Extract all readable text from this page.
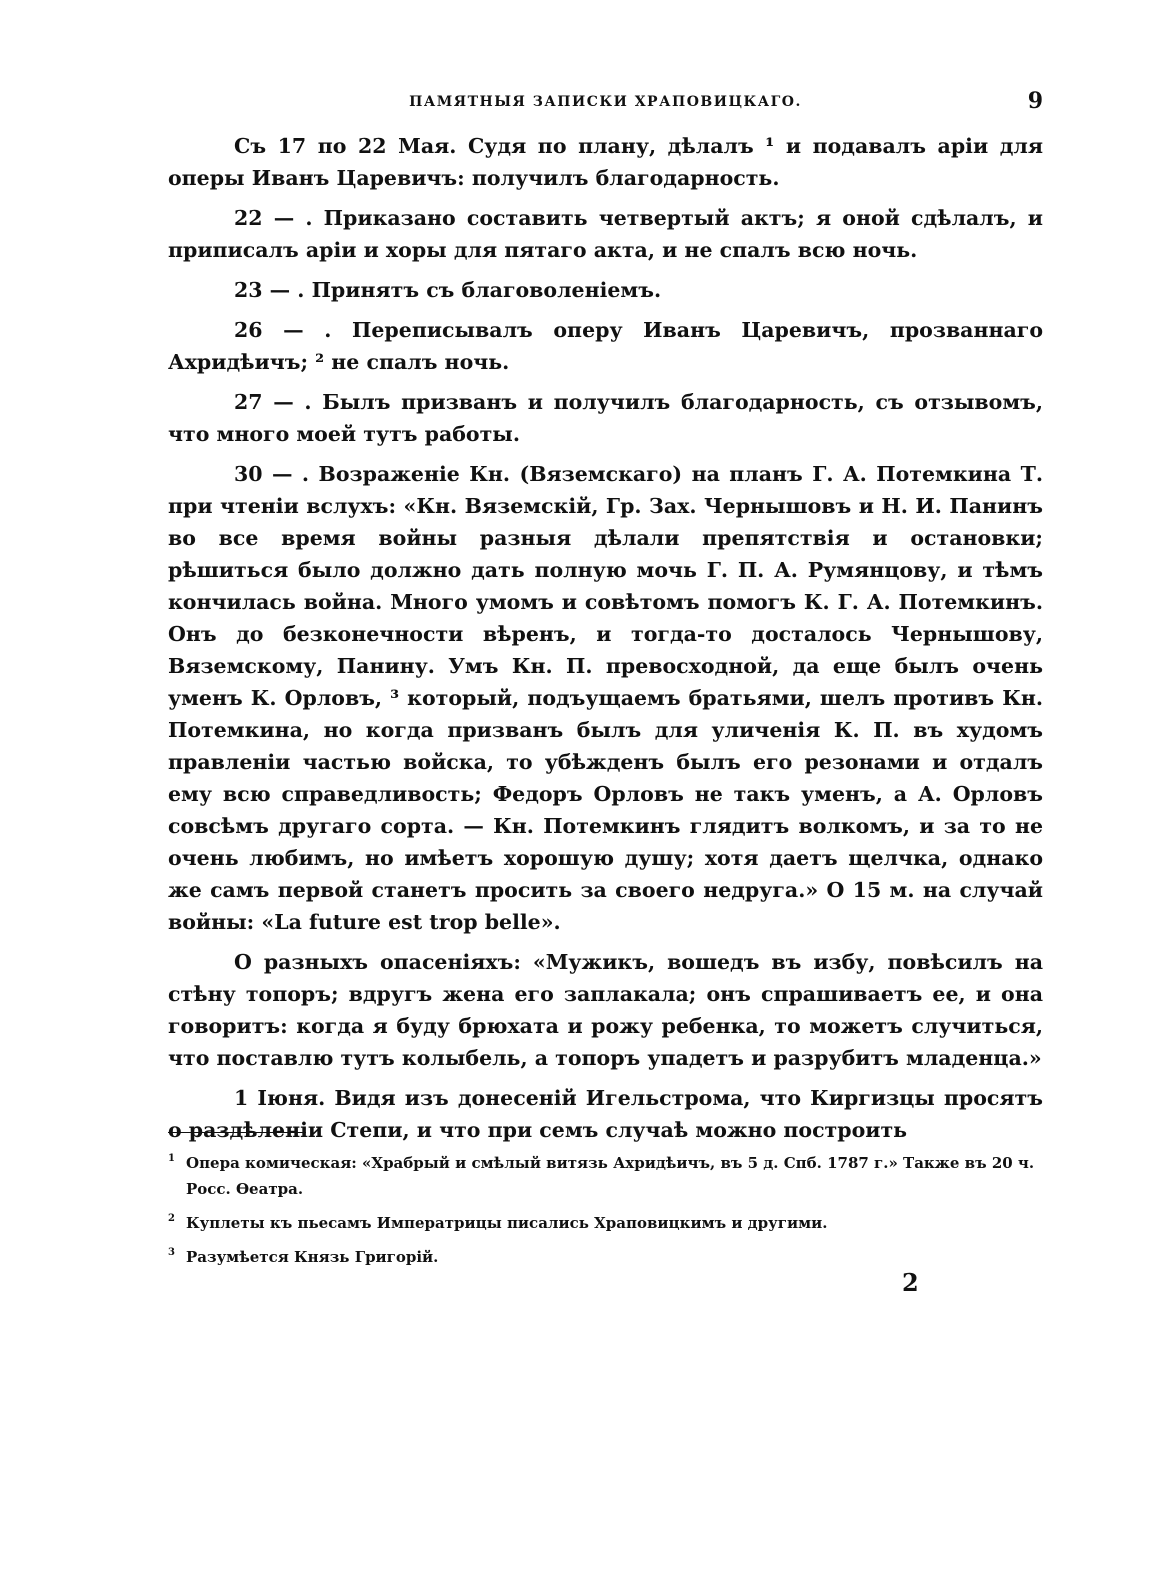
ПАМЯТНЫЯ ЗАПИСКИ ХРАПОВИЦКАГО.	9

Съ 17 по 22 Мая. Судя по плану, дѣлалъ ¹ и подавалъ аріи для оперы Иванъ Царевичъ: получилъ благодарность.

22 — . Приказано составить четвертый актъ; я оной сдѣлалъ, и приписалъ аріи и хоры для пятаго акта, и не спалъ всю ночь.

23 — . Принятъ съ благоволеніемъ.

26 — . Переписывалъ оперу Иванъ Царевичъ, прозваннаго Ахридѣичъ; ² не спалъ ночь.

27 — . Былъ призванъ и получилъ благодарность, съ отзывомъ, что много моей тутъ работы.

30 — . Возраженіе Кн. (Вяземскаго) на планъ Г. А. Потемкина Т. при чтеніи вслухъ: «Кн. Вяземскій, Гр. Зах. Чернышовъ и Н. И. Панинъ во все время войны разныя дѣлали препятствія и остановки; рѣшиться было должно дать полную мочь Г. П. А. Румянцову, и тѣмъ кончилась война. Много умомъ и совѣтомъ помогъ К. Г. А. Потемкинъ. Онъ до безконечности вѣренъ, и тогда-то досталось Чернышову, Вяземскому, Панину. Умъ Кн. П. превосходной, да еще былъ очень уменъ К. Орловъ, ³ который, подъущаемъ братьями, шелъ противъ Кн. Потемкина, но когда призванъ былъ для уличенія К. П. въ худомъ правленіи частью войска, то убѣжденъ былъ его резонами и отдалъ ему всю справедливость; Федоръ Орловъ не такъ уменъ, а А. Орловъ совсѣмъ другаго сорта. — Кн. Потемкинъ глядитъ волкомъ, и за то не очень любимъ, но имѣетъ хорошую душу; хотя даетъ щелчка, однако же самъ первой станетъ просить за своего недруга.» О 15 м. на случай войны: «La future est trop belle».

О разныхъ опасеніяхъ: «Мужикъ, вошедъ въ избу, повѣсилъ на стѣну топоръ; вдругъ жена его заплакала; онъ спрашиваетъ ее, и она говоритъ: когда я буду брюхата и рожу ребенка, то можетъ случиться, что поставлю тутъ колыбель, а топоръ упадетъ и разрубитъ младенца.»

1 Іюня. Видя изъ донесеній Игельстрома, что Киргизцы просятъ о раздѣленіи Степи, и что при семъ случаѣ можно построить

1 Опера комическая: «Храбрый и смѣлый витязь Ахридѣичъ, въ 5 д. Спб. 1787 г.» Также въ 20 ч. Росс. Ѳеатра.
2 Куплеты къ пьесамъ Императрицы писались Храповицкимъ и другими.
3 Разумѣется Князь Григорій.
2
